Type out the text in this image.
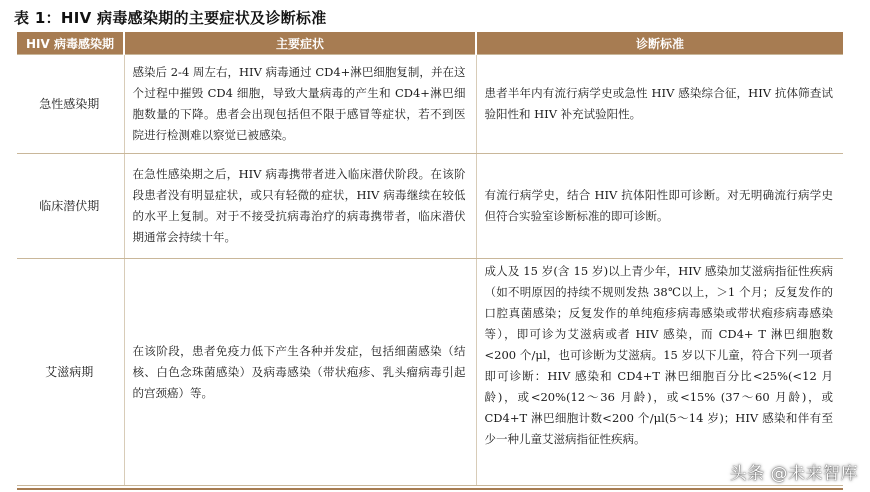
表 1：HIV 病毒感染期的主要症状及诊断标准
HIV 病毒感染期	主要症状	诊断标准
急性感染期	感染后 2-4 周左右，HIV 病毒通过 CD4+淋巴细胞复制，并在这个过程中摧毁 CD4 细胞，导致大量病毒的产生和 CD4+淋巴细胞数量的下降。患者会出现包括但不限于感冒等症状，若不到医院进行检测难以察觉已被感染。	患者半年内有流行病学史或急性 HIV 感染综合征，HIV 抗体筛查试验阳性和 HIV 补充试验阳性。
临床潜伏期	在急性感染期之后，HIV 病毒携带者进入临床潜伏阶段。在该阶段患者没有明显症状，或只有轻微的症状，HIV 病毒继续在较低的水平上复制。对于不接受抗病毒治疗的病毒携带者，临床潜伏期通常会持续十年。	有流行病学史，结合 HIV 抗体阳性即可诊断。对无明确流行病学史但符合实验室诊断标准的即可诊断。
艾滋病期	在该阶段，患者免疫力低下产生各种并发症，包括细菌感染（结核、白色念珠菌感染）及病毒感染（带状疱疹、乳头瘤病毒引起的宫颈癌）等。	成人及 15 岁(含 15 岁)以上青少年，HIV 感染加艾滋病指征性疾病（如不明原因的持续不规则发热 38℃以上，＞1 个月；反复发作的口腔真菌感染；反复发作的单纯疱疹病毒感染或带状疱疹病毒感染等），即可诊为艾滋病或者 HIV 感染，而 CD4+ T 淋巴细胞数<200 个/μl，也可诊断为艾滋病。15 岁以下儿童，符合下列一项者即可诊断：HIV 感染和 CD4+T 淋巴细胞百分比<25%(<12 月龄)，或<20%(12～36 月龄)，或<15% (37～60 月龄)，或 CD4+T 淋巴细胞计数<200 个/μl(5～14 岁)；HIV 感染和伴有至少一种儿童艾滋病指征性疾病。
头条 @未来智库
